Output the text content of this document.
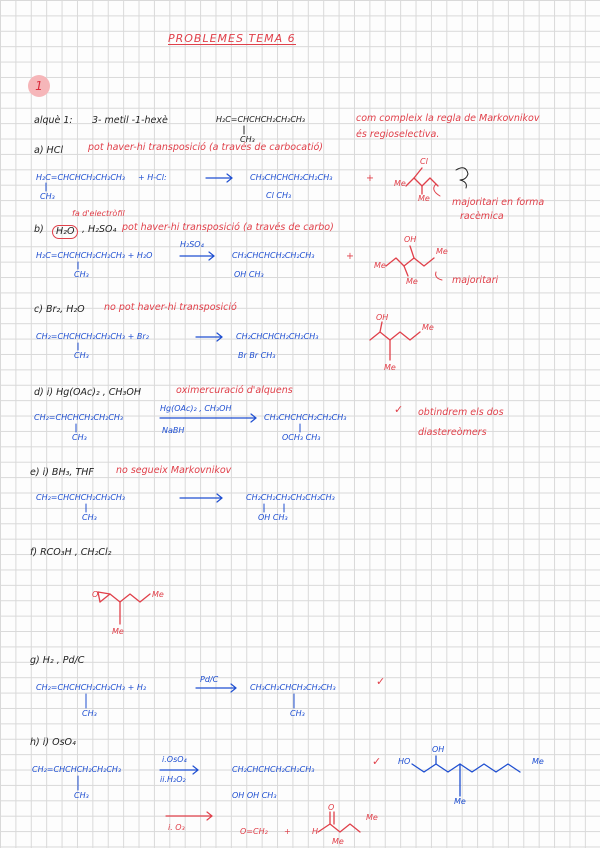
PROBLEMES TEMA 6
1
alquè 1: 3- metil -1-hexè	H₂C=CHCHCH₂CH₂CH₃
CH₃
com compleix la regla de Markovnikov
és regioselectiva.
a) HCl	pot haver-hi transposició (a través de carbocatió)
H₂C=CHCHCH₂CH₂CH₃
CH₃
+ H-Cl:	CH₃CHCHCH₂CH₂CH₃
Cl CH₃
+	Me
Me
Cl
majoritari en forma
racèmica
fa d'electròfil
b)	H₂O , H₂SO₄ pot haver-hi transposició (a través de carbo)
H₂C=CHCHCH₂CH₂CH₃ + H₂O
CH₃
H₂SO₄
CH₃CHCHCH₂CH₂CH₃
OH CH₃
+
OH
Me
Me
Me	majoritari
c) Br₂, H₂O no pot haver-hi transposició
CH₂=CHCHCH₂CH₂CH₃ + Br₂
CH₃
CH₂CHCHCH₂CH₂CH₃
Br Br CH₃
OH
Me
Me
d) i) Hg(OAc)₂ , CH₃OH	oximercuració d'alquens
CH₂=CHCHCH₂CH₂CH₃
CH₃
Hg(OAc)₂ , CH₃OH
NaBH
CH₃CHCHCH₂CH₂CH₃
OCH₃ CH₃
✓ obtindrem els dos
diastereòmers
e) i) BH₃, THF no segueix Markovnikov
CH₂=CHCHCH₂CH₂CH₃
CH₃
CH₂CH₂CH₂CH₂CH₂CH₃
OH CH₃
f) RCO₃H , CH₂Cl₂
O	Me
Me
g) H₂ , Pd/C
CH₂=CHCHCH₂CH₂CH₃ + H₂
CH₃
Pd/C
CH₃CH₂CHCH₂CH₂CH₃
CH₃
✓
h) i) OsO₄
CH₂=CHCHCH₂CH₂CH₃
CH₃
i.OsO₄
ii.H₂O₂
CH₂CHCHCH₂CH₂CH₃
OH OH CH₃
✓ HO
OH
Me
Me
i. O₃	O=CH₂ +	H
O
Me
Me
